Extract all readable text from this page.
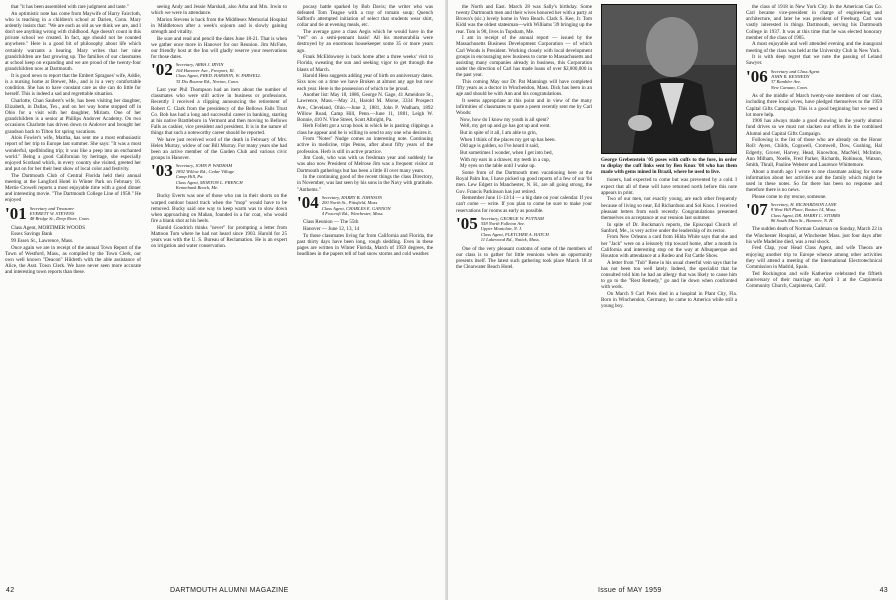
that "it has been assembled with rare judgment and taste."

An optimistic note has come from Maywife of Harry Faircloth, who is teaching in a children's school at Darien, Conn. Mary ardently insists that: "We are each as old as we think we are, and I don't see anything wrong with childhood. Age doesn't count in this private school we created. In fact, age should not be counted anywhere." Here is a good bit of philosophy about life which certainly warrants a hearing. Mary writes that her nine grandchildren are fast growing up. The families of our classmates at school keep on expanding and we are proud of the twenty-four grandchildren now at Dartmouth.

It is good news to report that the Embert Spragues' wife, Addie, is a nursing home at Brewer, Me., and is in a very comfortable condition. She has to have constant care as she can do little for herself. This is indeed a sad and regrettable situation.

Charlotte, Chan Saubert's wife, has been visiting her daughter, Elizabeth, in Dallas, Tex., and on her way home stopped off in Ohio for a visit with her daughter, Miriam. One of her grandchildren is a senior at Phillips Andover Academy. On two occasions Charlotte has driven down to Andover and brought her grandson back to Tilton for spring vacations.

Alois Fowler's wife, Martha, has sent me a most enthusiastic report of her trip to Europe last summer. She says: "It was a most wonderful, spellbinding trip; it was like a peep into an enchanted world." Being a good Californian by heritage, she especially enjoyed Scotland which, in every country she visited, greeted her and put on for her their best show of local color and festivity.

The Dartmouth Club of Central Florida held their annual meeting at the Langford Hotel in Winter Park on February 16. Mertie Crowell reports a most enjoyable time with a good dinner and interesting movie. "The Dartmouth College Line of 1958." He enjoyed

'01 Secretary and Treasurer
EVERETT W. STEVENS
48 Bridge St., Deep River, Conn.

Class Agent, MORTIMER WOODS

Essex Savings Bank

99 Essex St., Lawrence, Mass.

Once again we are in receipt of the annual Town Report of the Town of Westford, Mass., as compiled by the Town Clerk, our own well known "Deacon" Hildreth with the able assistance of Alice, the Asst. Town Clerk. We have never seen more accurate and interesting town reports than these.

seeing Andy and Jessie Marshall, also Arba and Mrs. Irwin to which we were in attendance.

Marion Stevens is back from the Middlesex Memorial Hospital in Middletown after a week's sojourn and is slowly gaining strength and vitality.

Be sure and read and pencil the dates June 18-21. That is when we gather once more in Hanover for our Reunion. Jim McFate, our friendly host at the Inn will gladly reserve your reservations for those dates.

'02 Secretary, ARBA J. IRVIN
104 Hanover Ave., Freeport, Ill.
Class Agent, FRED. HARMON, W. FARWELL
35 Dix Bourne Rd., Norton, Conn.

Last year Phil Thompson had an item about the number of classmates who were still active in business or professions. Recently I received a clipping announcing the retirement of Robert C. Clark from the presidency of the Bellows Falls Trust Co. Bob has had a long and successful career in banking, starting at his native Brattleboro in Vermont and then moving to Bellows Falls as cashier, vice president and president. It is in the nature of things that such a noteworthy career should be reported.

We have just received word of the death in February of Mrs. Helen Murray, widow of our Bill Murray. For many years she had been an active member of the Garden Club and various civic groups in Hanover.

'03 Secretary, JOHN P. WADHAM
1892 Willow Rd., Cedar Village
Camp Hill, Pa.
Class Agent, MORTON L. FRENCH
Kennebunk Beach, Me.

Bucky Everts was one of those who ran in their shorts on the warped outdoor board track when the "mop" would have to be removed. Bucky said one way to keep warm was to slow down when approaching on Mahan, founded in a fur coat, who would fire a blank shot at his heels.

Harold Goodrich thinks "never" for prompting a letter from Mattoon Tom where he had not heard since 1903. Harold for 25 years was with the U. S. Bureau of Reclamation. He is an expert on irrigation and water conservation.

pocasy battle sparked by Bob Davis; the writer who was defeated Tom Teague with a tray of tomato soup; Quench Safford's attempted initiation of select that students wear shirt, collar and tie at evening meals, etc.

The average gave a class Aegis which he would have in the "red" on a semi-pennant basis! All his memorabilia were destroyed by an enormous housekeeper some 35 or more years ago.

Frank McEldowney is back home after a three weeks' visit to Florida, sweating the sun and seeking vigor to get through the blasts of March.

Harold Hess suggests adding year of birth on anniversary dates. Sixs now on a time we have Broken at almost any age but now each year. Here is the possession of which to be proud.

Another list: May 18, 1886, George N. Gage, 41 Ameidore St., Lawrence, Mass.—May 21, Harold M. Morse, 3334 Prospect Ave., Cleveland, Ohio.—June 2, 1881, John P. Wadham, 1892 Willow Road, Camp Hill, Penn.—June 11, 1881, Leigh W. Bonnie, 410 N. Vine Street, Scott Albright, Pa.

Herb Follett got a scrap book in which he is pasting clippings a class he appear and be is willing to send to any one who desires it.

From "Notes" Nudge comes an interesting note. Continuing active in medicine, trips Penns, after about fifty years of the profession. Herb is still in active practice.

Jim Cook, who was with us freshman year and suddenly he was also now President of Melrose Jim was a frequent visitor at Dartmouth gatherings but has been a little ill over many years.

In the continuing good of the recent things the class Directory, in November, was last seen by his sons in the Navy with gratitude. "Anthems."

'04 Secretary, HARRY B. JOHNSON
200 North St., Pittsfield, Mass
Class Agent, CHARLES E. GANNON
4 Foxcroft Rd., Winchester, Mass.

Class Reunion — The 55th

Hanover — June 12, 13, 14

To those classmates living far from California and Florida, the past thirty days have been long, rough sledding. Even in these pages are written in Winter Florida, March of 1959 degrees, the headlines in the papers tell of bad snow storms and cold weather.

42	DARTMOUTH ALUMNI MAGAZINE

the North and East. March 28 was Sally's birthday. Some twenty Dartmouth men and their wives honored her with a party at Brown's (sic.) lovely home in Vero Beach. Clark S. Kee, Jr. Tom Kidd was the oldest statesman—with Williams '39 bringing up the rear. Tom is 98, lives in Topsham, Me.

I am in receipt of the annual report — issued by the Massachusetts Business Development Corporation — of which Carl Woods is President. Working closely with local development groups in encouraging new business to come to Massachusetts and assisting many companies already in business, this Corporation under the direction of Carl has made loans of over $2,000,000 in the past year.

This coming May our Dr. Pat Mannings will have completed fifty years as a doctor in Winchendon, Mass. Dick has been in an age and should be with Ann and his congratulations.

It seems appropriate at this point and in view of the many infirmities of classmates to quote a poem recently sent me by Carl Woods:

Now, how do I know my youth is all spent?

Well, my get up and go has got up and went.

But in spite of it all, I am able to grin,

When I think of the places my get up has been.

Old age is golden, so I've heard it said,

But sometimes I wonder, when I get into bed,

With my ears in a drawer, my teeth in a cup,

My eyes on the table until I wake up.

Some from of the Dartmouth men vacationing here at the Royal Palm Inn, I have picked up good reports of a few of our '04 men. Lew Edgett in Manchester, N. H., are all going strong, the Gov. Francis Parkinson has just retired.

Remember June 11-13/14 — a big date on your calendar. If you can't come — write. If you plan to come be sure to make your reservations for rooms as early as possible.

'05 Secretary, GEORGE W. PUTNAM
558 North Fulleton Ave.
Upper Montclair, N. J.
Class Agent, FLETCHER A. HATCH
11 Lakewood Rd., Natick, Mass.

One of the very pleasant customs of some of the members of our class is to gather for little reunions when an opportunity presents itself. The latest such gathering took place March 18 at the Clearwater Beach Hotel.

George Grebenstein '05 poses with cuffs to the fore, in order to display the cuff links sent by Ben Knox '08 who has them made with gems mined in Brazil, where he used to live.

tioners, had expected to come but was prevented by a cold. I expect that all of these will have returned north before this note appears in print.

Two of our men, not exactly young, are each other frequently because of living so near, Ed Richardson and Sol Knox. I received pleasant letters from each recently. Congratulations presented themselves on acceptance at our reunion last summer.

In spite of Dr. Buckman's reports, the Episcopal Church of Sanford, Me., is very active under the leadership of its rector.

From New Orleans a card from Hilda White says that she and her "Jack" were on a leisurely trip toward home, after a month in California and interesting stop on the way at Albuquerque and Houston with attendance at a Rodeo and Fat Cattle Show.

A letter from "Tub" Rene in his usual cheerful vein says that he has not been too well lately. Indeed, the specialist that he consulted told him he had an allergy that was likely to cause him to go to the "Rest Remedy," go and lie down when confronted with work.

On March 9 Carl Preis died in a hospital in Plant City, Fla. Born in Winchendon, Germany, he came to America while still a young boy.

the class of 1918 in New York City. In the American Gas Co. Carl became vice-president in charge of engineering and architecture, and later he was president of Freeburg. Carl was vastly interested in things Dartmouth, serving his Dartmouth College in 1937. It was at this time that he was elected honorary member of the class of 1905.

A most enjoyable and well attended evening and the inaugural meeting of the class was held at the University Club in New York.

It is with deep regret that we note the passing of Leland Sawyer.

'06 Secretary and Class Agent
JOHN R. KENNEDY
37 Rambler Ave.
New Canaan, Conn.

As of the middle of March twenty-one members of our class, including three local wives, have pledged themselves to the 1959 Capital Gifts Campaign. This is a good beginning but we need a lot more help.

1906 has always made a good showing in the yearly alumni fund drives so we must not slacken our efforts in the combined Alumni and Capital Gifts Campaign.

Following is the list of those who are already on the Honor Roll: Ayers, Childs, Cogswell, Cromwell, Dow, Gushing, Hal Edgerly, Grover, Harvey, Head, Knowlton, MacNeil, McIntire, Ann Milham, Noelle, Fred Parker, Richards, Robinson, Watson, Smith, Thrall, Pauline Webster and Laurence Whittemore.

About a month ago I wrote to one classmate asking for some information about her activities and the family which might be used in these notes. So far there has been no response and therefore there is no news.

Please come to my rescue, someone.

'07 Secretary, H. RICHARDSON LANE
8 West Hill Place, Boston 14, Mass.
Class Agent, DR. HARRY C. STORRS
86 South Main St., Hanover, N. H.

The sudden death of Norman Cushman on Sunday, March 22 in the Winchester Hospital, at Winchester Mass. just four days after his wife Madeline died, was a real shock.

Fred Clap, your Head Class Agent, and wife Theora are enjoying another trip to Europe whence among other activities they will attend a meeting of the International Electrotechnical Commission in Madrid, Spain.

Ted Rockington and wife Katherine celebrated the fiftieth anniversary of their marriage on April 3 at the Carpinteria Community Church, Carpinteria, Calif.

Issue of MAY 1959	43
